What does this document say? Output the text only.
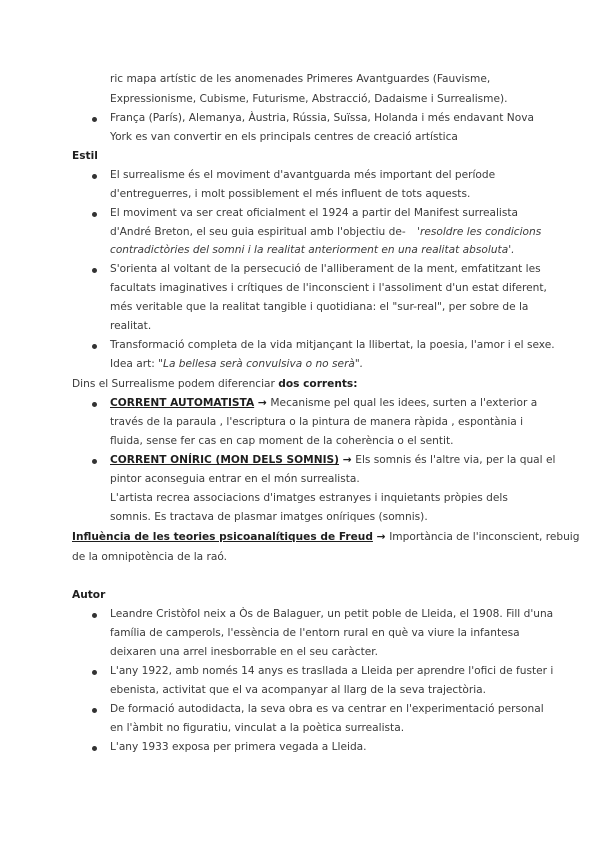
ric mapa artístic de les anomenades Primeres Avantguardes (Fauvisme,
Expressionisme, Cubisme, Futurisme, Abstracció, Dadaisme i Surrealisme).
França (París), Alemanya, Àustria, Rússia, Suïssa, Holanda i més endavant Nova
York es van convertir en els principals centres de creació artística
Estil
El surrealisme és el moviment d'avantguarda més important del període
d'entreguerres, i molt possiblement el més influent de tots aquests.
El moviment va ser creat oficialment el 1924 a partir del Manifest surrealista
d'André Breton, el seu guia espiritual amb l'objectiu de- 'resoldre les condicions
contradictòries del somni i la realitat anteriorment en una realitat absoluta'.
S'orienta al voltant de la persecució de l'alliberament de la ment, emfatitzant les
facultats imaginatives i crítiques de l'inconscient i l'assoliment d'un estat diferent,
més veritable que la realitat tangible i quotidiana: el "sur-real", per sobre de la
realitat.
Transformació completa de la vida mitjançant la llibertat, la poesia, l'amor i el sexe.
Idea art: "La bellesa serà convulsiva o no serà".
Dins el Surrealisme podem diferenciar dos corrents:
CORRENT AUTOMATISTA → Mecanisme pel qual les idees, surten a l'exterior a
través de la paraula , l'escriptura o la pintura de manera ràpida , espontània i
fluida, sense fer cas en cap moment de la coherència o el sentit.
CORRENT ONÍRIC (MON DELS SOMNIS) → Els somnis és l'altre via, per la qual el
pintor aconseguia entrar en el món surrealista.
L'artista recrea associacions d'imatges estranyes i inquietants pròpies dels
somnis. Es tractava de plasmar imatges oníriques (somnis).
Influència de les teories psicoanalítiques de Freud → Importància de l'inconscient, rebuig
de la omnipotència de la raó.
Autor
Leandre Cristòfol neix a Òs de Balaguer, un petit poble de Lleida, el 1908. Fill d'una
família de camperols, l'essència de l'entorn rural en què va viure la infantesa
deixaren una arrel inesborrable en el seu caràcter.
L'any 1922, amb només 14 anys es trasllada a Lleida per aprendre l'ofici de fuster i
ebenista, activitat que el va acompanyar al llarg de la seva trajectòria.
De formació autodidacta, la seva obra es va centrar en l'experimentació personal
en l'àmbit no figuratiu, vinculat a la poètica surrealista.
L'any 1933 exposa per primera vegada a Lleida.
